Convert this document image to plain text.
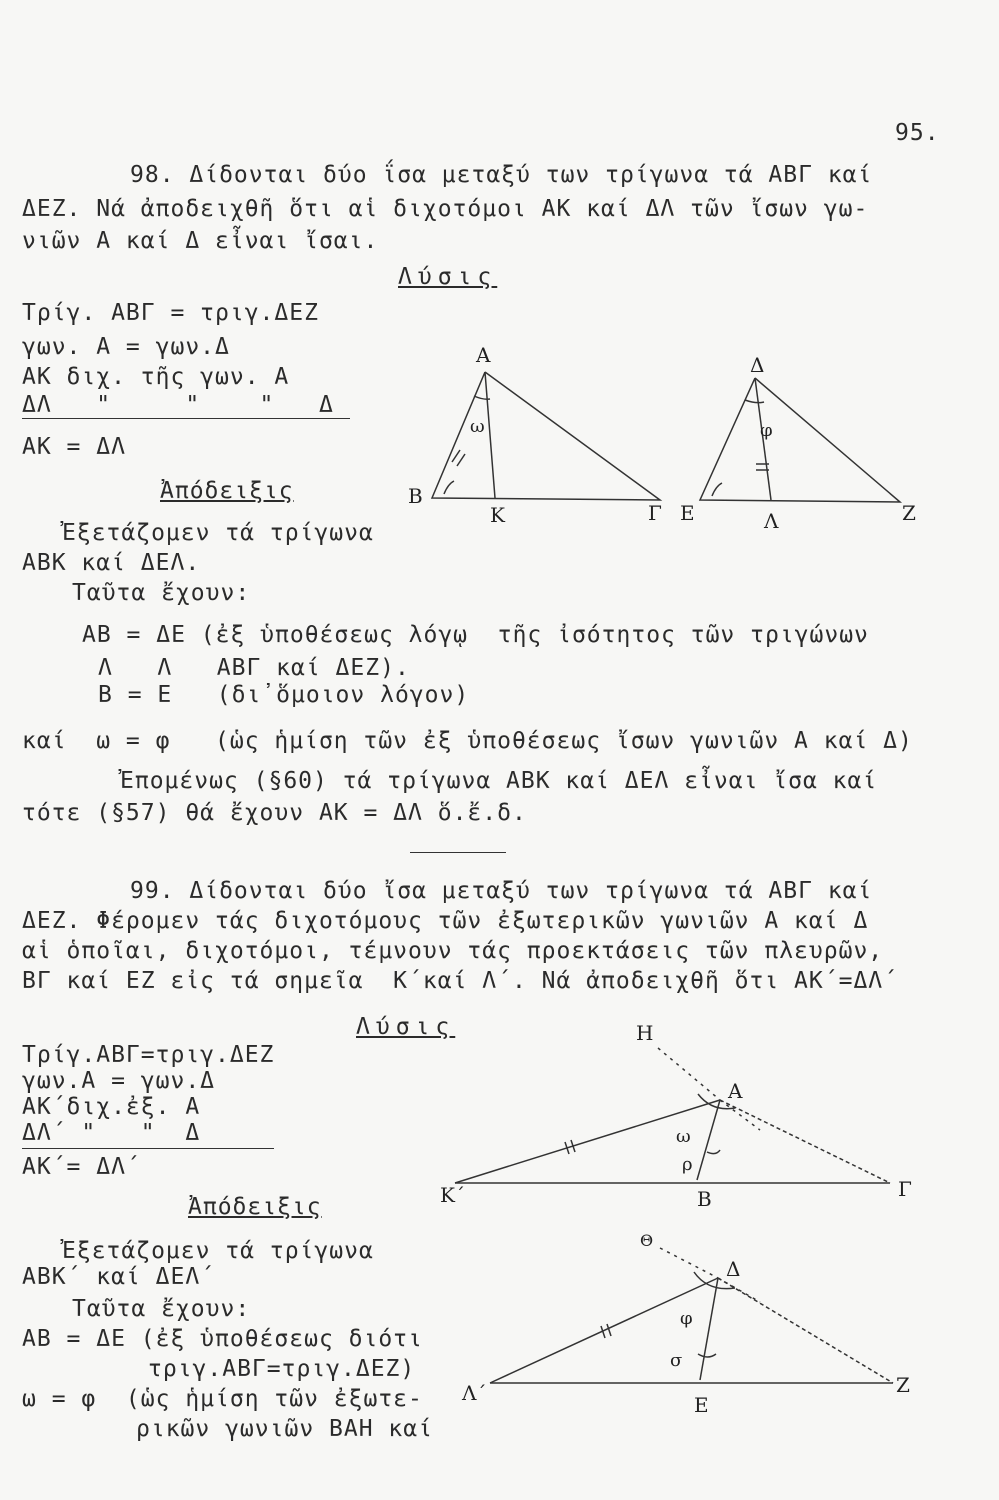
95.
98. Δίδονται δύο ΐσα μεταξύ των τρίγωνα τά ΑΒΓ καί
ΔΕΖ. Νά ἀποδειχθῆ ὅτι αἱ διχοτόμοι ΑΚ καί ΔΛ τῶν ἴσων γω-
νιῶν Α καί Δ εἶναι ἴσαι.
Λύσις
Τρίγ. ΑΒΓ = τριγ.ΔΕΖ
γων. Α = γων.Δ
ΑΚ διχ. τῆς γων. Α
ΔΛ   "     "    "   Δ
ΑΚ = ΔΛ
Ἀπόδειξις
Ἐξετάζομεν τά τρίγωνα
ΑΒΚ καί ΔΕΛ.
Ταῦτα ἔχουν:
ΑΒ = ΔΕ (ἐξ ὑποθέσεως λόγῳ  τῆς ἰσότητος τῶν τριγώνων
Λ   Λ   ΑΒΓ καί ΔΕΖ).
Β = Ε   (δι᾽ὅμοιον λόγον)
καί  ω = φ   (ὡς ἡμίση τῶν ἐξ ὑποθέσεως ἴσων γωνιῶν Α καί Δ)
Ἐπομένως (§60) τά τρίγωνα ΑΒΚ καί ΔΕΛ εἶναι ἴσα καί
τότε (§57) θά ἔχουν ΑΚ = ΔΛ ὅ.ἔ.δ.
99. Δίδονται δύο ἴσα μεταξύ των τρίγωνα τά ΑΒΓ καί
ΔΕΖ. Φέρομεν τάς διχοτόμους τῶν ἐξωτερικῶν γωνιῶν Α καί Δ
αἱ ὁποῖαι, διχοτόμοι, τέμνουν τάς προεκτάσεις τῶν πλευρῶν,
ΒΓ καί ΕΖ εἰς τά σημεῖα  Κ΄καί Λ΄. Νά ἀποδειχθῆ ὅτι ΑΚ΄=ΔΛ΄
Λύσις
Τρίγ.ΑΒΓ=τριγ.ΔΕΖ
γων.Α = γων.Δ
ΑΚ΄διχ.ἐξ. Α
ΔΛ΄ "   "  Δ
ΑΚ΄= ΔΛ΄
Ἀπόδειξις
Ἐξετάζομεν τά τρίγωνα
ΑΒΚ΄ καί ΔΕΛ΄
Ταῦτα ἔχουν:
ΑΒ = ΔΕ (ἐξ ὑποθέσεως διότι
τριγ.ΑΒΓ=τριγ.ΔΕΖ)
ω = φ  (ὡς ἡμίση τῶν ἐξωτε-
ρικῶν γωνιῶν ΒΑΗ καί
Α
Β
Γ
Κ
ω
Δ
Ε	Ζ
Λ
φ
Η
Α
ω
ρ
Κ΄	Β	Γ
Θ
Δ
φ
σ
Λ΄	Ε
Ζ
